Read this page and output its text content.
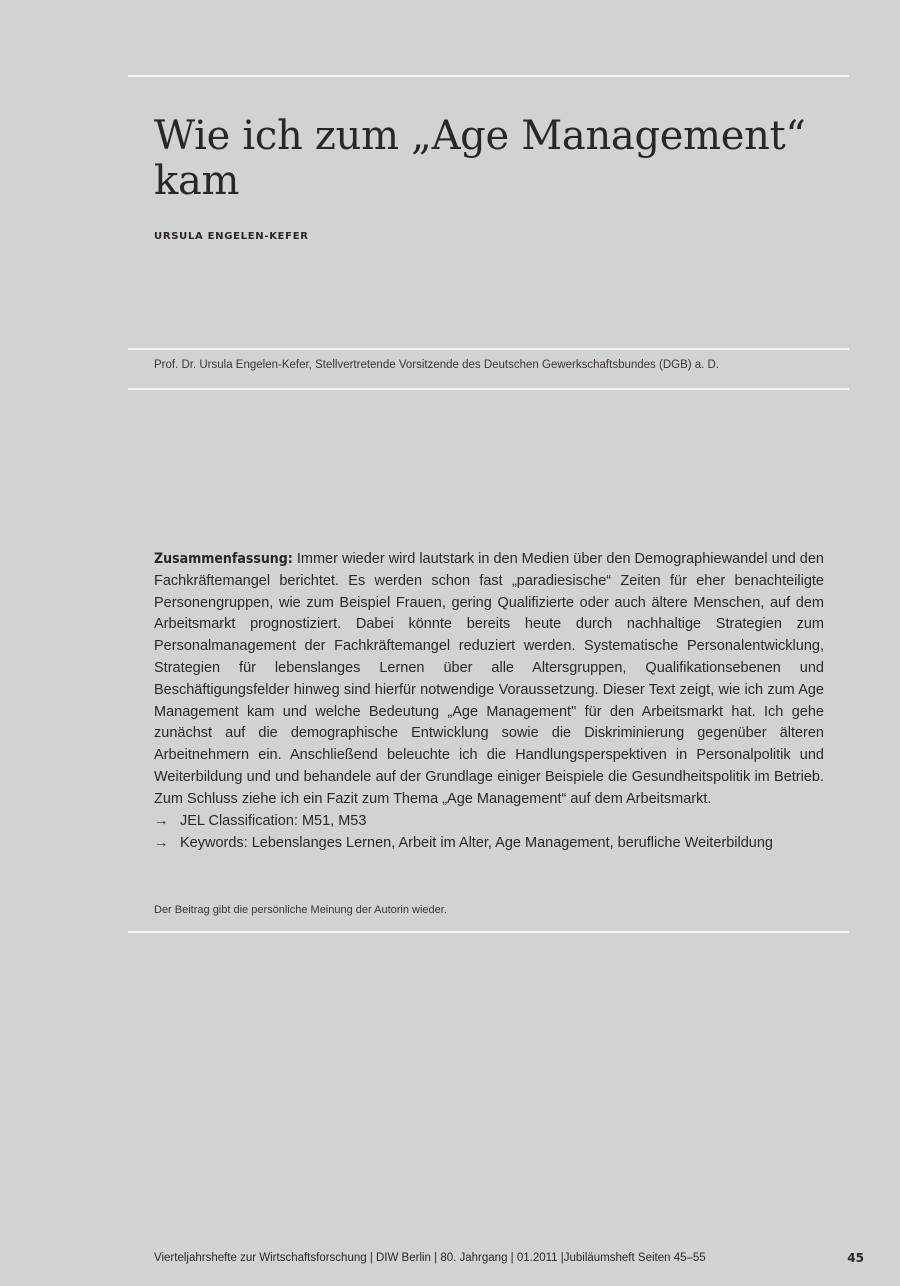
Wie ich zum „Age Management“ kam
URSULA ENGELEN-KEFER
Prof. Dr. Ursula Engelen-Kefer, Stellvertretende Vorsitzende des Deutschen Gewerkschaftsbundes (DGB) a. D.

Zusammenfassung: Immer wieder wird lautstark in den Medien über den Demographiewandel und den Fachkräftemangel berichtet. Es werden schon fast „paradiesische“ Zeiten für eher benachteiligte Personengruppen, wie zum Beispiel Frauen, gering Qualifizierte oder auch ältere Menschen, auf dem Arbeitsmarkt prognostiziert. Dabei könnte bereits heute durch nachhaltige Strategien zum Personalmanagement der Fachkräftemangel reduziert werden. Systematische Personalentwicklung, Strategien für lebenslanges Lernen über alle Altersgruppen, Qualifikationsebenen und Beschäftigungsfelder hinweg sind hierfür notwendige Voraussetzung. Dieser Text zeigt, wie ich zum Age Management kam und welche Bedeutung „Age Management" für den Arbeitsmarkt hat. Ich gehe zunächst auf die demographische Entwicklung sowie die Diskriminierung gegenüber älteren Arbeitnehmern ein. Anschließend beleuchte ich die Handlungsperspektiven in Personalpolitik und Weiterbildung und und behandele auf der Grundlage einiger Beispiele die Gesundheitspolitik im Betrieb. Zum Schluss ziehe ich ein Fazit zum Thema „Age Management“ auf dem Arbeitsmarkt.

→ JEL Classification: M51, M53
→ Keywords: Lebenslanges Lernen, Arbeit im Alter, Age Management, berufliche Weiterbildung
Der Beitrag gibt die persönliche Meinung der Autorin wieder.
Vierteljahrshefte zur Wirtschaftsforschung | DIW Berlin | 80. Jahrgang | 01.2011 |Jubiläumsheft Seiten 45–55	45
